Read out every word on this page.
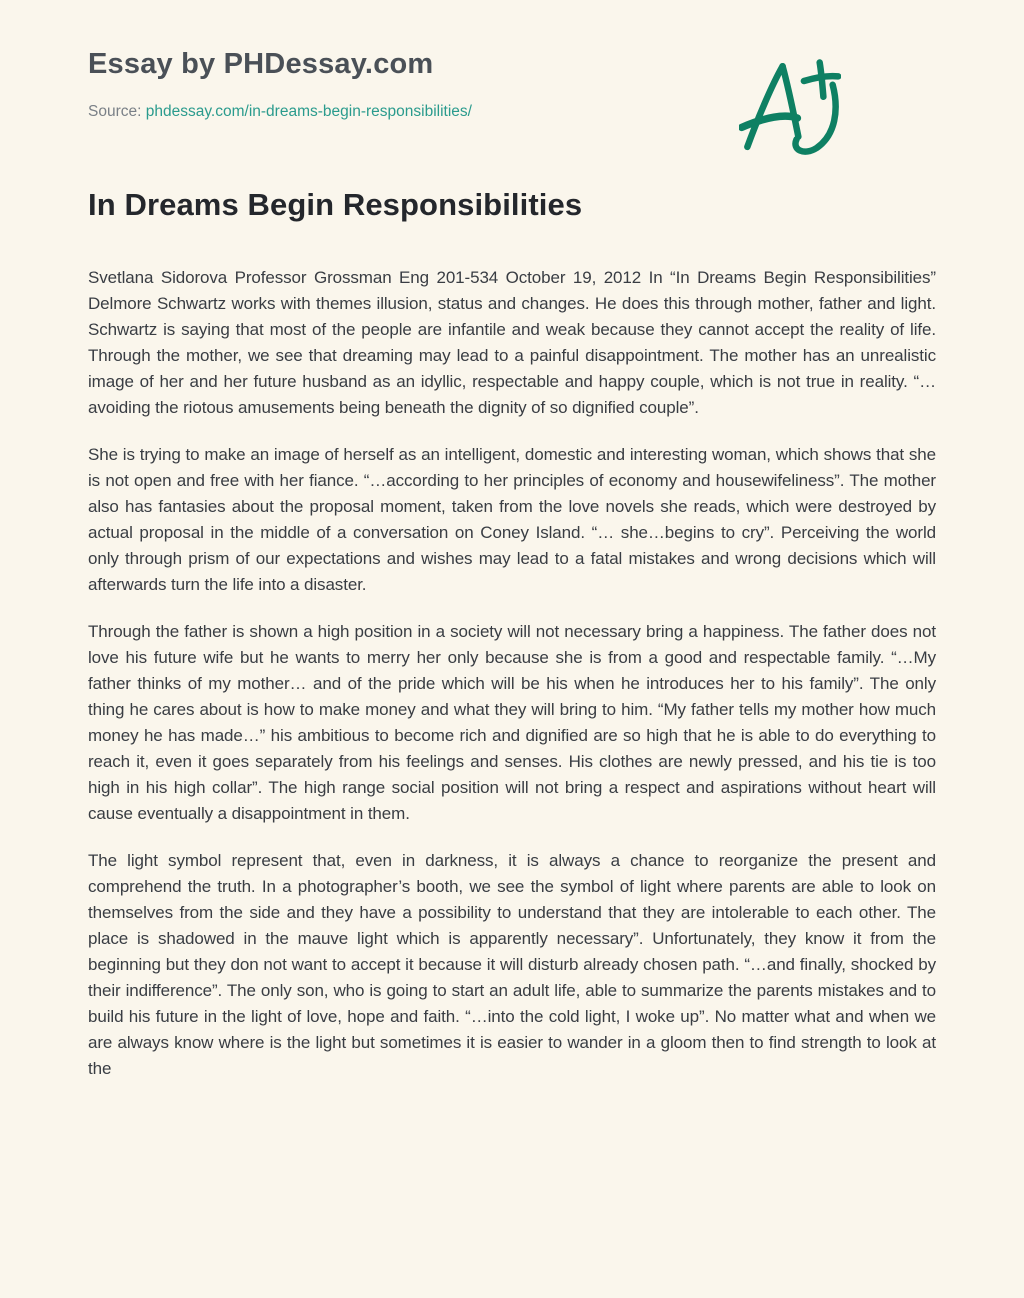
Essay by PHDessay.com
Source: phdessay.com/in-dreams-begin-responsibilities/
In Dreams Begin Responsibilities

Svetlana Sidorova Professor Grossman Eng 201-534 October 19, 2012 In “In Dreams Begin Responsibilities” Delmore Schwartz works with themes illusion, status and changes. He does this through mother, father and light. Schwartz is saying that most of the people are infantile and weak because they cannot accept the reality of life. Through the mother, we see that dreaming may lead to a painful disappointment. The mother has an unrealistic image of her and her future husband as an idyllic, respectable and happy couple, which is not true in reality. “… avoiding the riotous amusements being beneath the dignity of so dignified couple”.

She is trying to make an image of herself as an intelligent, domestic and interesting woman, which shows that she is not open and free with her fiance. “…according to her principles of economy and housewifeliness”. The mother also has fantasies about the proposal moment, taken from the love novels she reads, which were destroyed by actual proposal in the middle of a conversation on Coney Island. “… she…begins to cry”. Perceiving the world only through prism of our expectations and wishes may lead to a fatal mistakes and wrong decisions which will afterwards turn the life into a disaster.

Through the father is shown a high position in a society will not necessary bring a happiness. The father does not love his future wife but he wants to merry her only because she is from a good and respectable family. “…My father thinks of my mother… and of the pride which will be his when he introduces her to his family”. The only thing he cares about is how to make money and what they will bring to him. “My father tells my mother how much money he has made…” his ambitious to become rich and dignified are so high that he is able to do everything to reach it, even it goes separately from his feelings and senses. His clothes are newly pressed, and his tie is too high in his high collar”. The high range social position will not bring a respect and aspirations without heart will cause eventually a disappointment in them.

The light symbol represent that, even in darkness, it is always a chance to reorganize the present and comprehend the truth. In a photographer’s booth, we see the symbol of light where parents are able to look on themselves from the side and they have a possibility to understand that they are intolerable to each other. The place is shadowed in the mauve light which is apparently necessary”. Unfortunately, they know it from the beginning but they don not want to accept it because it will disturb already chosen path. “…and finally, shocked by their indifference”. The only son, who is going to start an adult life, able to summarize the parents mistakes and to build his future in the light of love, hope and faith. “…into the cold light, I woke up”. No matter what and when we are always know where is the light but sometimes it is easier to wander in a gloom then to find strength to look at the
